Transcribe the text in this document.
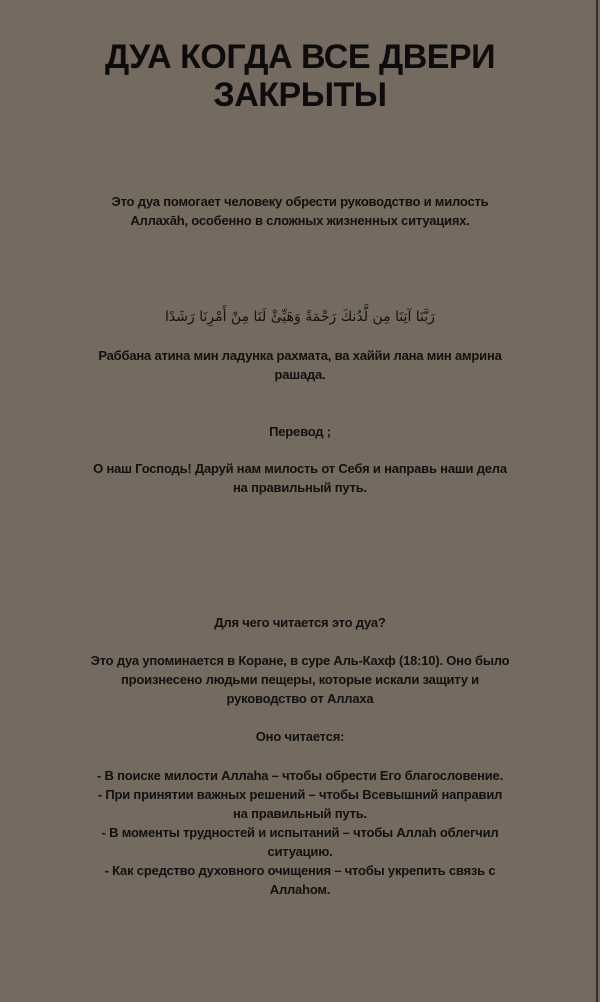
ДУА КОГДА ВСЕ ДВЕРИ
ЗАКРЫТЫ
Это дуа помогает человеку обрести руководство и милость
Аллаха̄h, особенно в сложных жизненных ситуациях.
رَبَّنَا آتِنَا مِن لَّدُنكَ رَحْمَةً وَهَيِّئْ لَنَا مِنْ أَمْرِنَا رَشَدًا
Раббана атина мин ладунка рахмата, ва хаййи лана мин амрина
рашада.
Перевод ;
О наш Господь! Даруй нам милость от Себя и направь наши дела
на правильный путь.
Для чего читается это дуа?
Это дуа упоминается в Коране, в суре Аль-Кахф (18:10). Оно было
произнесено людьми пещеры, которые искали защиту и
руководство от Аллаха
Оно читается:
- В поиске милости Аллаhа – чтобы обрести Его благословение.
- При принятии важных решений – чтобы Всевышний направил
на правильный путь.
- В моменты трудностей и испытаний – чтобы Аллаh облегчил
ситуацию.
- Как средство духовного очищения – чтобы укрепить связь с
Аллаhом.
